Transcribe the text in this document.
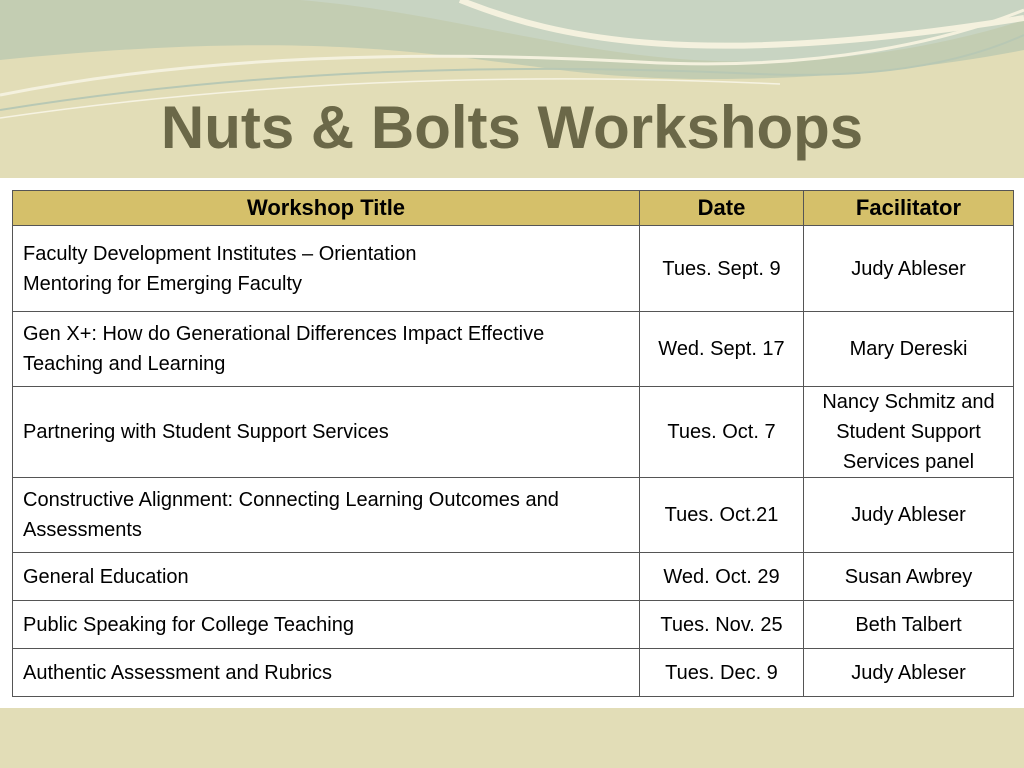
Nuts & Bolts Workshops
Workshop Title	Date	Facilitator
Faculty Development Institutes – Orientation
Mentoring for Emerging Faculty	Tues. Sept. 9	Judy Ableser
Gen X+: How do Generational Differences Impact Effective
Teaching and Learning	Wed. Sept. 17	Mary Dereski
Partnering with Student Support Services	Tues. Oct. 7	Nancy Schmitz and
Student Support
Services panel
Constructive Alignment: Connecting Learning Outcomes and
Assessments	Tues. Oct.21	Judy Ableser
General Education	Wed. Oct. 29	Susan Awbrey
Public Speaking for College Teaching	Tues. Nov. 25	Beth Talbert
Authentic Assessment and Rubrics	Tues. Dec. 9	Judy Ableser
